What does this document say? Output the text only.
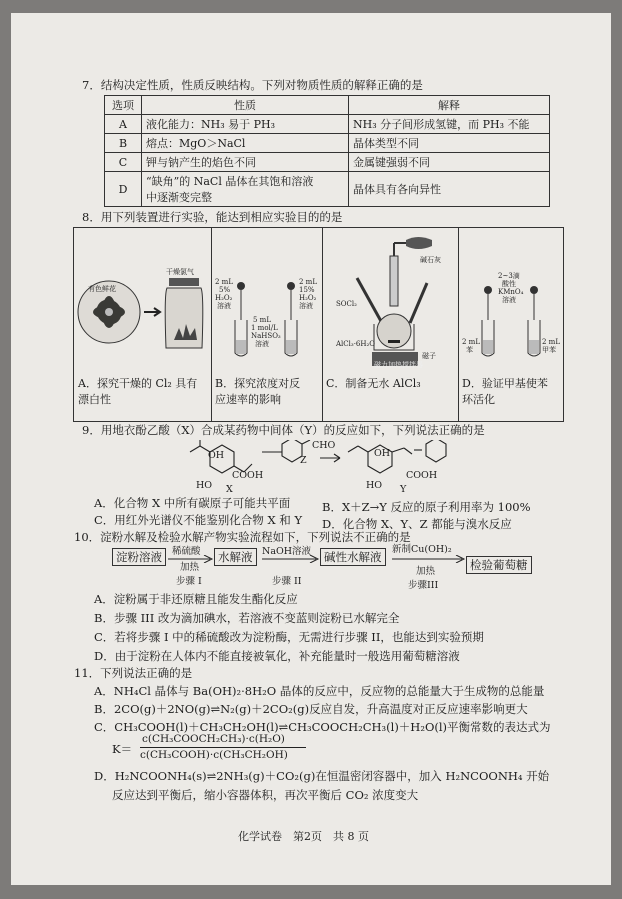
7．结构决定性质，性质反映结构。下列对物质性质的解释正确的是
选项	性质	解释
A	液化能力：NH₃ 易于 PH₃	NH₃ 分子间形成氢键，而 PH₃ 不能
B	熔点：MgO＞NaCl	晶体类型不同
C	钾与钠产生的焰色不同	金属键强弱不同
D	“缺角”的 NaCl 晶体在其饱和溶液
中逐渐变完整	晶体具有各向异性
8．用下列装置进行实验，能达到相应实验目的的是
有色鲜花
干燥氯气
A．探究干燥的 Cl₂ 具有
漂白性
2 mL
5%
H₂O₂
溶液
2 mL
15%
H₂O₂
溶液
5 mL
1 mol/L
NaHSO₃
溶液
B．探究浓度对反
应速率的影响
碱石灰
SOCl₂
AlCl₃·6H₂O
磁力加热搅拌器
磁子
C．制备无水 AlCl₃
2~3滴
酸性
KMnO₄
溶液
2 mL
苯
2 mL
甲苯
D．验证甲基使苯
环活化
9．用地衣酚乙酸（X）合成某药物中间体（Y）的反应如下，下列说法正确的是
COOH
HO
OH
X
CHO
Z
HO
OH
Y
COOH
A．化合物 X 中所有碳原子可能共平面	B．X＋Z→Y 反应的原子利用率为 100%
C．用红外光谱仪不能鉴别化合物 X 和 Y D．化合物 X、Y、Z 都能与溴水反应
10．淀粉水解及检验水解产物实验流程如下，下列说法不正确的是
淀粉溶液	稀硫酸
加热
步骤 I
水解液	NaOH溶液
步骤 II
碱性水解液
新制Cu(OH)₂
加热
步骤III
检验葡萄糖
A．淀粉属于非还原糖且能发生酯化反应
B．步骤 III 改为滴加碘水，若溶液不变蓝则淀粉已水解完全
C．若将步骤 I 中的稀硫酸改为淀粉酶，无需进行步骤 II，也能达到实验预期
D．由于淀粉在人体内不能直接被氧化，补充能量时一般选用葡萄糖溶液
11．下列说法正确的是
A．NH₄Cl 晶体与 Ba(OH)₂·8H₂O 晶体的反应中，反应物的总能量大于生成物的总能量
B．2CO(g)＋2NO(g)⇌N₂(g)＋2CO₂(g)反应自发，升高温度对正反应速率影响更大
C．CH₃COOH(l)＋CH₃CH₂OH(l)⇌CH₃COOCH₂CH₃(l)＋H₂O(l)平衡常数的表达式为
K＝
c(CH₃COOCH₂CH₃)·c(H₂O)
c(CH₃COOH)·c(CH₃CH₂OH)
D．H₂NCOONH₄(s)⇌2NH₃(g)＋CO₂(g)在恒温密闭容器中，加入 H₂NCOONH₄ 开始
反应达到平衡后，缩小容器体积，再次平衡后 CO₂ 浓度变大
化学试卷　第2页　共 8 页
